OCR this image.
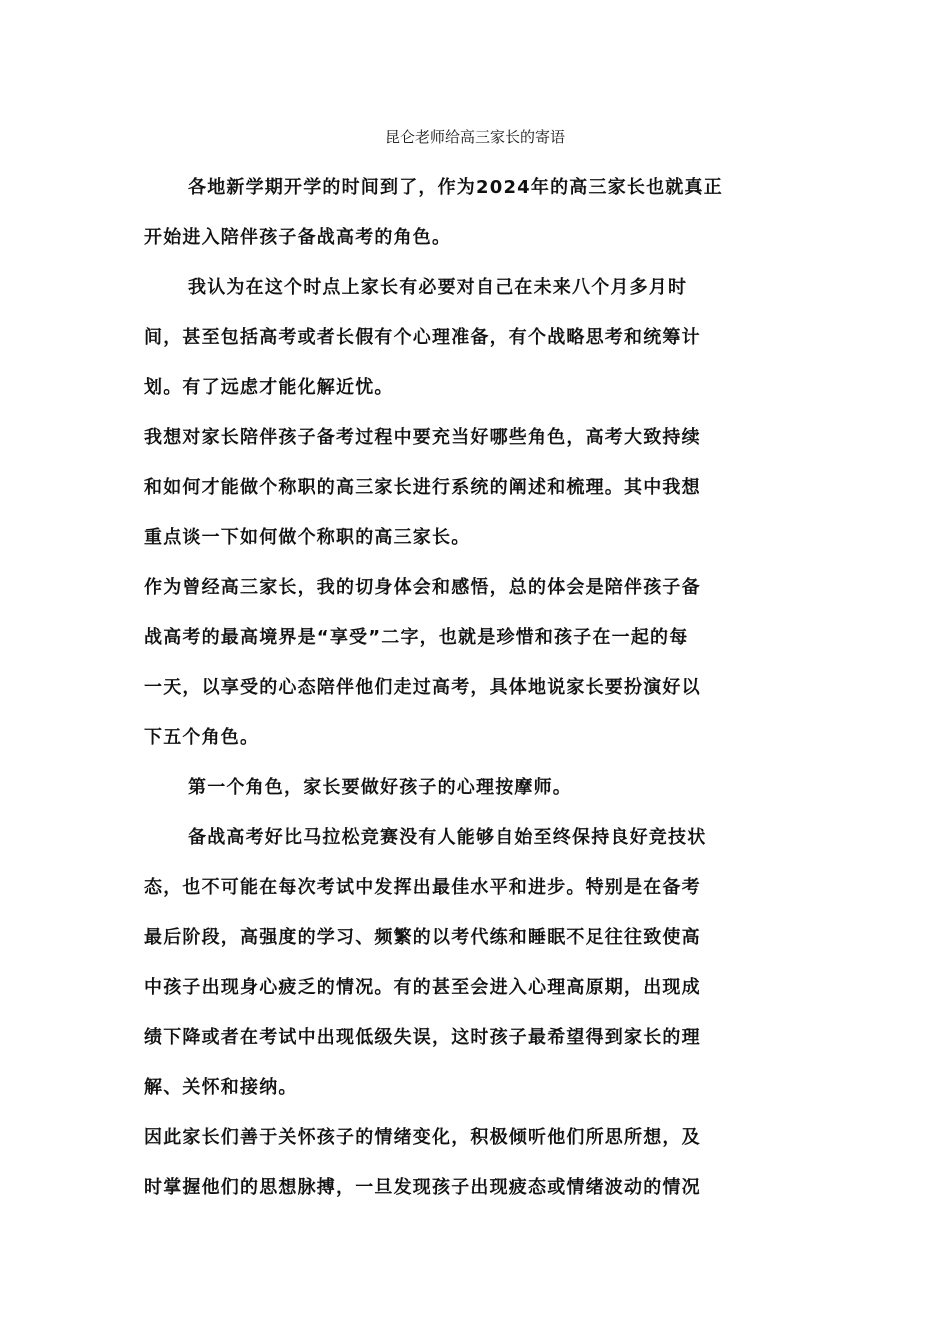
昆仑老师给高三家长的寄语

各地新学期开学的时间到了，作为2024年的高三家长也就真正
开始进入陪伴孩子备战高考的角色。

我认为在这个时点上家长有必要对自己在未来八个月多月时
间，甚至包括高考或者长假有个心理准备，有个战略思考和统筹计
划。有了远虑才能化解近忧。

我想对家长陪伴孩子备考过程中要充当好哪些角色，高考大致持续
和如何才能做个称职的高三家长进行系统的阐述和梳理。其中我想
重点谈一下如何做个称职的高三家长。

作为曾经高三家长，我的切身体会和感悟，总的体会是陪伴孩子备
战高考的最高境界是“享受”二字，也就是珍惜和孩子在一起的每
一天，以享受的心态陪伴他们走过高考，具体地说家长要扮演好以
下五个角色。

第一个角色，家长要做好孩子的心理按摩师。

备战高考好比马拉松竞赛没有人能够自始至终保持良好竞技状
态，也不可能在每次考试中发挥出最佳水平和进步。特别是在备考
最后阶段，高强度的学习、频繁的以考代练和睡眠不足往往致使高
中孩子出现身心疲乏的情况。有的甚至会进入心理高原期，出现成
绩下降或者在考试中出现低级失误，这时孩子最希望得到家长的理
解、关怀和接纳。

因此家长们善于关怀孩子的情绪变化，积极倾听他们所思所想，及
时掌握他们的思想脉搏，一旦发现孩子出现疲态或情绪波动的情况
